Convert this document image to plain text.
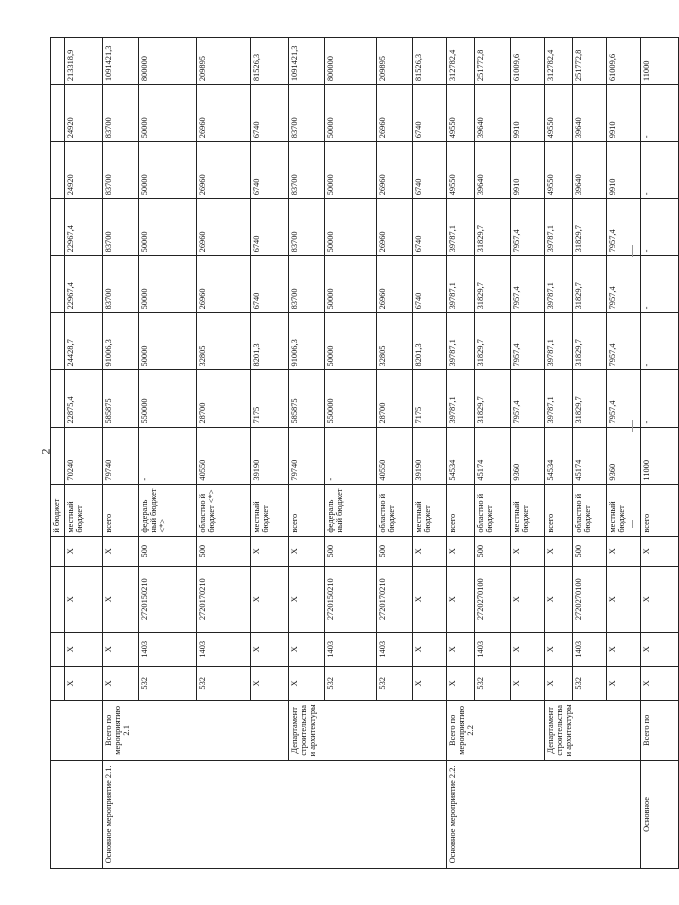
2
						й бюджет								
		X	X	X	X	местный бюджет	70240	22875,4	24428,7	22967,4	22967,4	24920	24920	213318,9
Основное мероприятие 2.1.	Всего по мероприятию 2.1	X	X	X	X	всего	79740	585875	91006,3	83700	83700	83700	83700	1091421,3
		532	1403	2720150210	500	федераль ный бюджет <*>	-	550000	50000	50000	50000	50000	50000	800000
		532	1403	2720170210	500	областно й бюджет <*>	40550	28700	32805	26960	26960	26960	26960	209895
		X	X	X	X	местный бюджет	39190	7175	8201,3	6740	6740	6740	6740	81526,3
	Департамент строительства и архитектуры	X	X	X	X	всего	79740	585875	91006,3	83700	83700	83700	83700	1091421,3
		532	1403	2720150210	500	федераль ный бюджет	-	550000	50000	50000	50000	50000	50000	800000
		532	1403	2720170210	500	областно й бюджет	40550	28700	32805	26960	26960	26960	26960	209895
		X	X	X	X	местный бюджет	39190	7175	8201,3	6740	6740	6740	6740	81526,3
Основное мероприятие 2.2.	Всего по мероприятию 2.2	X	X	X	X	всего	54534	39787,1	39787,1	39787,1	39787,1	49550	49550	312782,4
		532	1403	2720270100	500	областно й бюджет	45174	31829,7	31829,7	31829,7	31829,7	39640	39640	251772,8
		X	X	X	X	местный бюджет	9360	7957,4	7957,4	7957,4	7957,4	9910	9910	61009,6
	Департамент строительства и архитектуры	X	X	X	X	всего	54534	39787,1	39787,1	39787,1	39787,1	49550	49550	312782,4
		532	1403	2720270100	500	областно й бюджет	45174	31829,7	31829,7	31829,7	31829,7	39640	39640	251772,8
		X	X	X	X	местный бюджет	9360	7957,4	7957,4	7957,4	7957,4	9910	9910	61009,6
Основное	Всего по	X	X	X	X	всего	11000	-	-	-	-	-	-	11000
